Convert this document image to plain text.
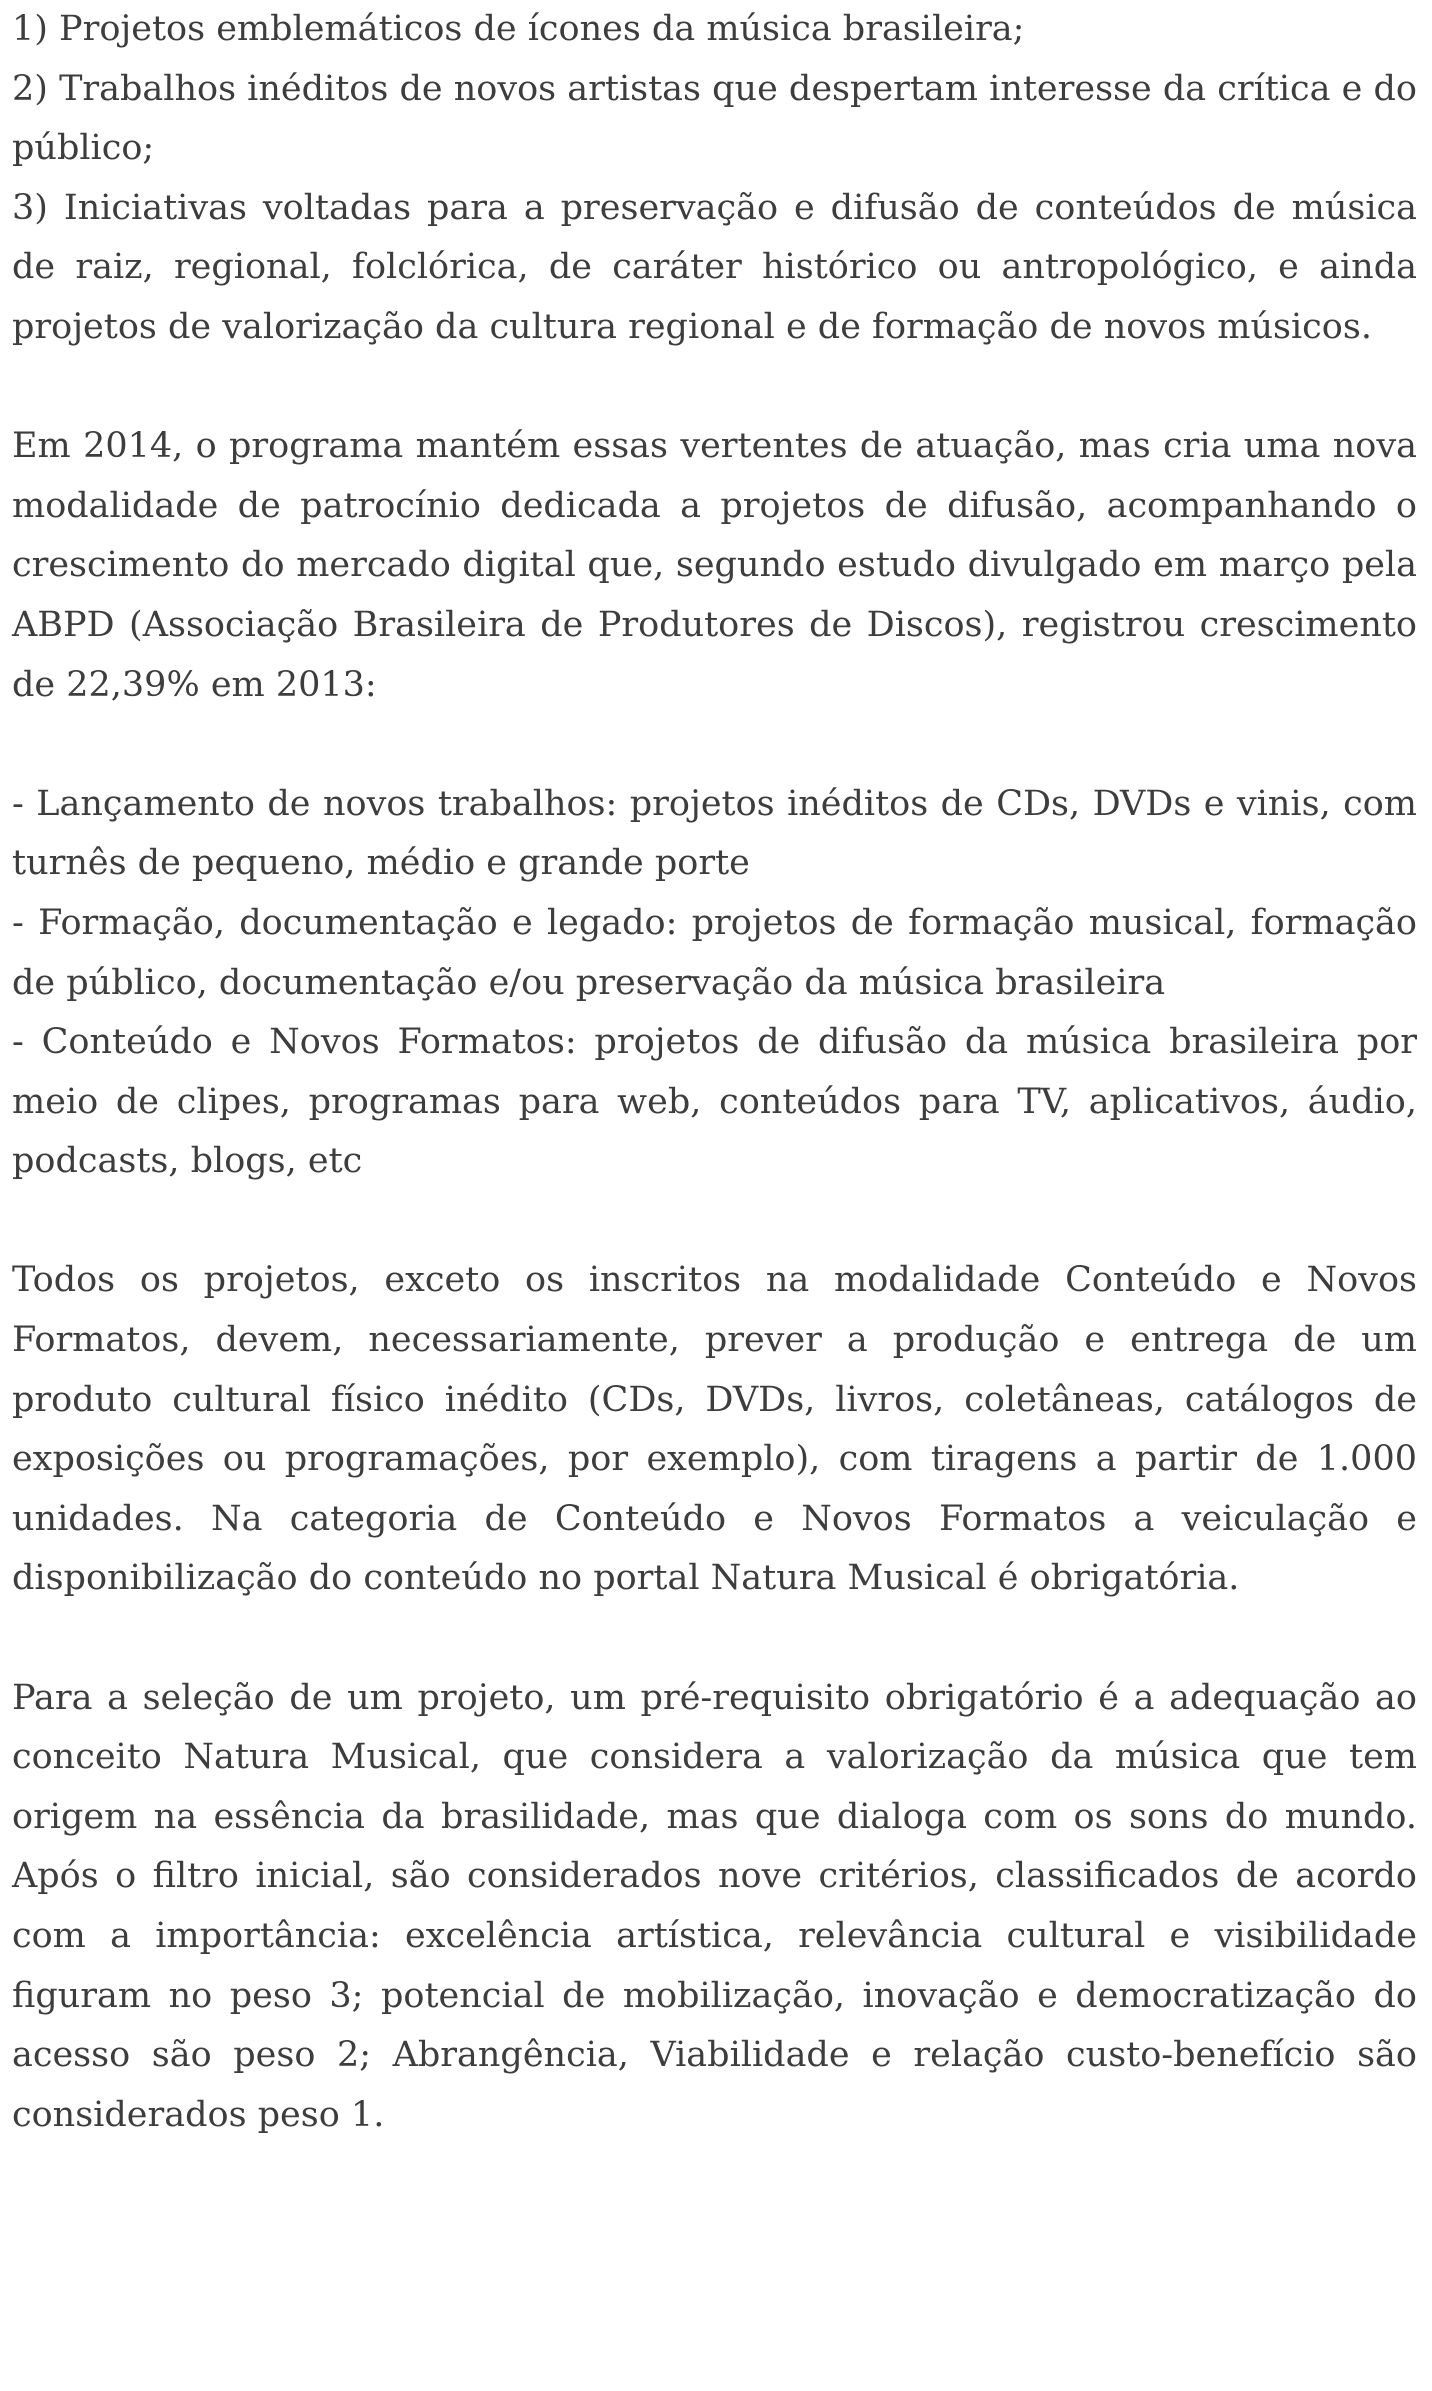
1) Projetos emblemáticos de ícones da música brasileira;

2) Trabalhos inéditos de novos artistas que despertam interesse da crítica e do público;

3) Iniciativas voltadas para a preservação e difusão de conteúdos de música de raiz, regional, folclórica, de caráter histórico ou antropológico, e ainda projetos de valorização da cultura regional e de formação de novos músicos.

Em 2014, o programa mantém essas vertentes de atuação, mas cria uma nova modalidade de patrocínio dedicada a projetos de difusão, acompanhando o crescimento do mercado digital que, segundo estudo divulgado em março pela ABPD (Associação Brasileira de Produtores de Discos), registrou crescimento de 22,39% em 2013:

- Lançamento de novos trabalhos: projetos inéditos de CDs, DVDs e vinis, com turnês de pequeno, médio e grande porte

- Formação, documentação e legado: projetos de formação musical, formação de público, documentação e/ou preservação da música brasileira

- Conteúdo e Novos Formatos: projetos de difusão da música brasileira por meio de clipes, programas para web, conteúdos para TV, aplicativos, áudio, podcasts, blogs, etc

Todos os projetos, exceto os inscritos na modalidade Conteúdo e Novos Formatos, devem, necessariamente, prever a produção e entrega de um produto cultural físico inédito (CDs, DVDs, livros, coletâneas, catálogos de exposições ou programações, por exemplo), com tiragens a partir de 1.000 unidades. Na categoria de Conteúdo e Novos Formatos a veiculação e disponibilização do conteúdo no portal Natura Musical é obrigatória.

Para a seleção de um projeto, um pré-requisito obrigatório é a adequação ao conceito Natura Musical, que considera a valorização da música que tem origem na essência da brasilidade, mas que dialoga com os sons do mundo. Após o filtro inicial, são considerados nove critérios, classificados de acordo com a importância: excelência artística, relevância cultural e visibilidade figuram no peso 3; potencial de mobilização, inovação e democratização do acesso são peso 2; Abrangência, Viabilidade e relação custo-benefício são considerados peso 1.
